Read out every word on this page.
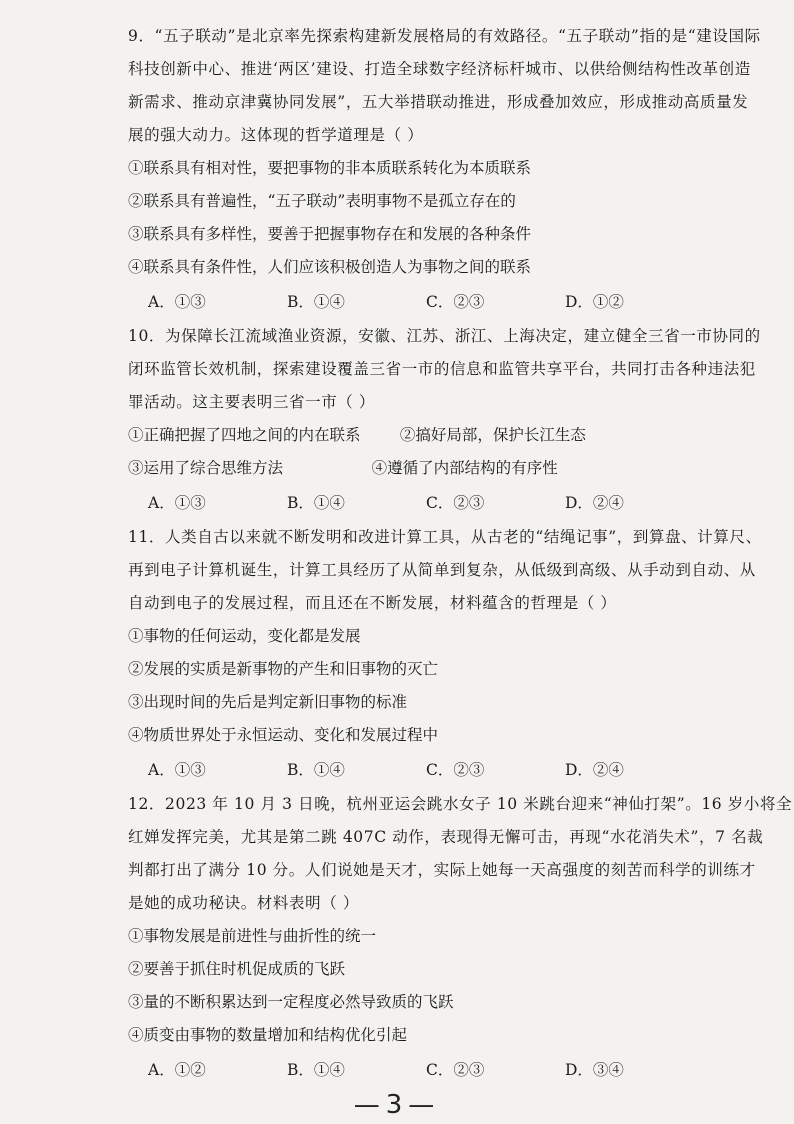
9．“五子联动”是北京率先探索构建新发展格局的有效路径。“五子联动”指的是“建设国际
科技创新中心、推进‘两区’建设、打造全球数字经济标杆城市、以供给侧结构性改革创造
新需求、推动京津冀协同发展”，五大举措联动推进，形成叠加效应，形成推动高质量发
展的强大动力。这体现的哲学道理是（ ）
①联系具有相对性，要把事物的非本质联系转化为本质联系
②联系具有普遍性，“五子联动”表明事物不是孤立存在的
③联系具有多样性，要善于把握事物存在和发展的各种条件
④联系具有条件性，人们应该积极创造人为事物之间的联系
A．①③	B．①④	C．②③	D．①②
10．为保障长江流域渔业资源，安徽、江苏、浙江、上海决定，建立健全三省一市协同的
闭环监管长效机制，探索建设覆盖三省一市的信息和监管共享平台，共同打击各种违法犯
罪活动。这主要表明三省一市（ ）
①正确把握了四地之间的内在联系        ②搞好局部，保护长江生态
③运用了综合思维方法                  ④遵循了内部结构的有序性
A．①③	B．①④	C．②③	D．②④
11．人类自古以来就不断发明和改进计算工具，从古老的“结绳记事”，到算盘、计算尺、
再到电子计算机诞生，计算工具经历了从简单到复杂，从低级到高级、从手动到自动、从
自动到电子的发展过程，而且还在不断发展，材料蕴含的哲理是（ ）
①事物的任何运动，变化都是发展
②发展的实质是新事物的产生和旧事物的灭亡
③出现时间的先后是判定新旧事物的标准
④物质世界处于永恒运动、变化和发展过程中
A．①③	B．①④	C．②③	D．②④
12．2023 年 10 月 3 日晚，杭州亚运会跳水女子 10 米跳台迎来“神仙打架”。16 岁小将全
红婵发挥完美，尤其是第二跳 407C 动作，表现得无懈可击，再现“水花消失术”，7 名裁
判都打出了满分 10 分。人们说她是天才，实际上她每一天高强度的刻苦而科学的训练才
是她的成功秘诀。材料表明（ ）
①事物发展是前进性与曲折性的统一
②要善于抓住时机促成质的飞跃
③量的不断积累达到一定程度必然导致质的飞跃
④质变由事物的数量增加和结构优化引起
A．①②	B．①④	C．②③	D．③④
—3—
